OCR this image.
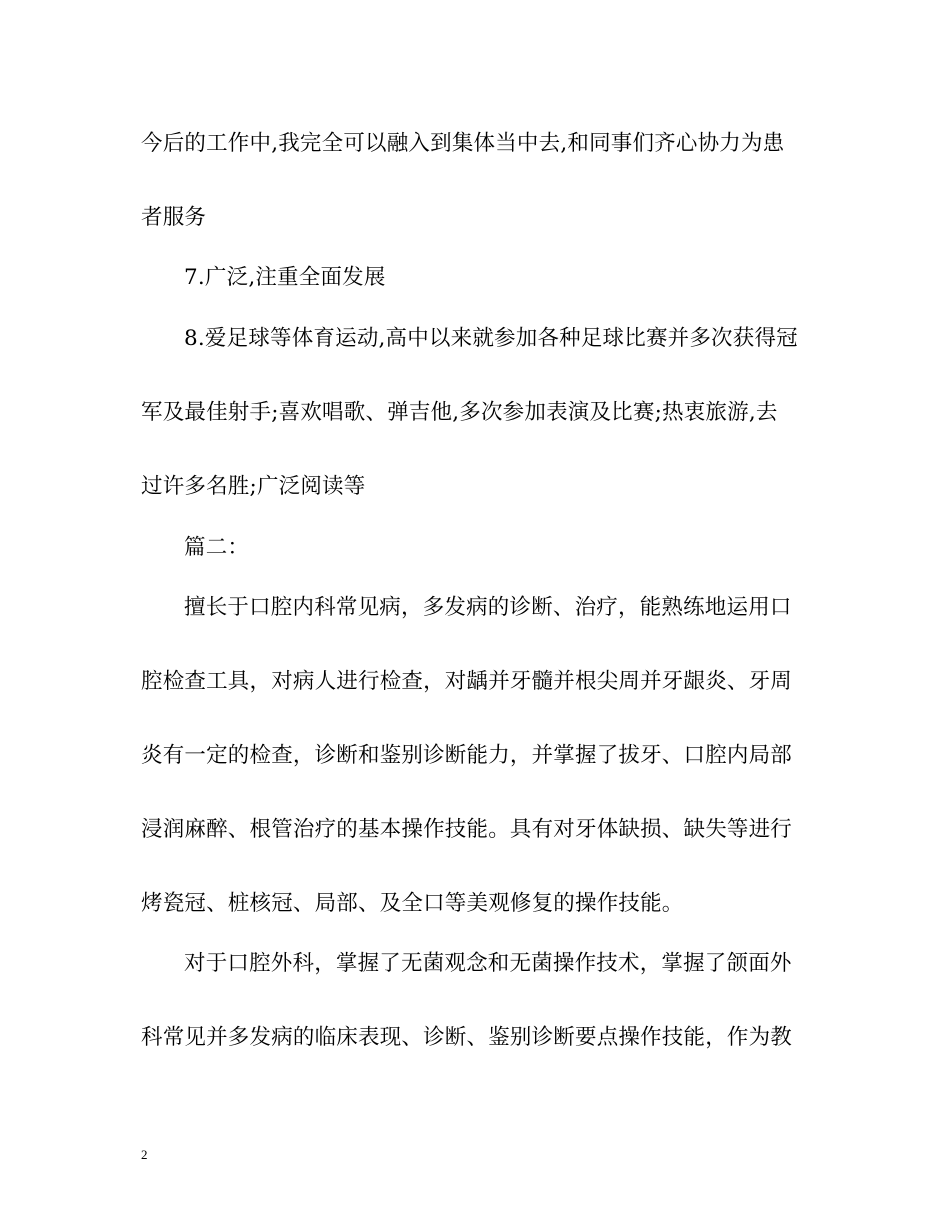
今后的工作中,我完全可以融入到集体当中去,和同事们齐心协力为患
者服务
7.广泛,注重全面发展
8.爱足球等体育运动,高中以来就参加各种足球比赛并多次获得冠
军及最佳射手;喜欢唱歌、弹吉他,多次参加表演及比赛;热衷旅游,去
过许多名胜;广泛阅读等
篇二：
擅长于口腔内科常见病，多发病的诊断、治疗，能熟练地运用口
腔检查工具，对病人进行检查，对龋并牙髓并根尖周并牙龈炎、牙周
炎有一定的检查，诊断和鉴别诊断能力，并掌握了拔牙、口腔内局部
浸润麻醉、根管治疗的基本操作技能。具有对牙体缺损、缺失等进行
烤瓷冠、桩核冠、局部、及全口等美观修复的操作技能。
对于口腔外科，掌握了无菌观念和无菌操作技术，掌握了颌面外
科常见并多发病的临床表现、诊断、鉴别诊断要点操作技能，作为教
2
